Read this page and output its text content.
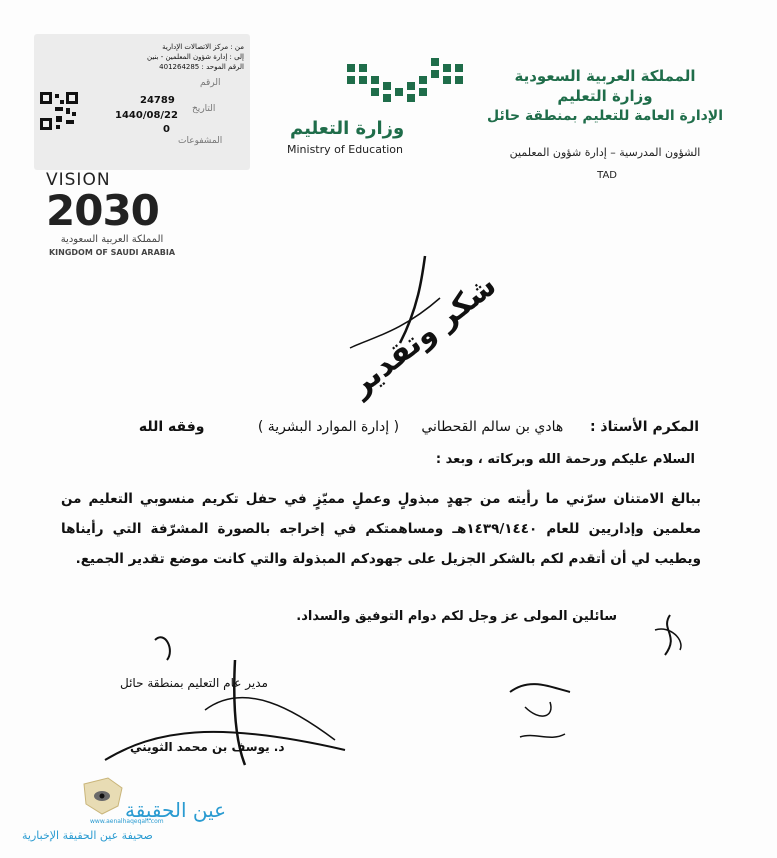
من : مركز الاتصالات الإدارية
إلى : إدارة شؤون المعلمين - بنين
الرقم الموحد : 401264285
24789
1440/08/22
0
الرقم
التاريخ
المشفوعات
VISION
2030
المملكة العربية السعودية
KINGDOM OF SAUDI ARABIA
وزارة التعليم
Ministry of Education
المملكة العربية السعودية
وزارة التعليم
الإدارة العامة للتعليم بمنطقة حائل
الشؤون المدرسية – إدارة شؤون المعلمين
TAD
شكر وتقدير
المكرم الأستاذ :      هادي بن سالم القحطاني     ( إدارة الموارد البشرية )            وفقه الله
السلام عليكم ورحمة الله وبركاته ، وبعد :
ببالغ الامتنان سرّني ما رأيته من جهدٍ مبذولٍ وعملٍ مميّزٍ في حفل تكريم منسوبي التعليم من معلمين وإداريين للعام ١٤٣٩/١٤٤٠هـ ومساهمتكم في إخراجه بالصورة المشرّفة التي رأيناها ويطيب لي أن أتقدم لكم بالشكر الجزيل على جهودكم المبذولة والتي كانت موضع تقدير الجميع.
سائلين المولى عز وجل لكم دوام التوفيق والسداد.
مدير عام التعليم بمنطقة حائل
د. يوسف بن محمد الثويني
عين الحقيقة
www.aenalhaqeqah.com
صحيفة عين الحقيقة الإخبارية
